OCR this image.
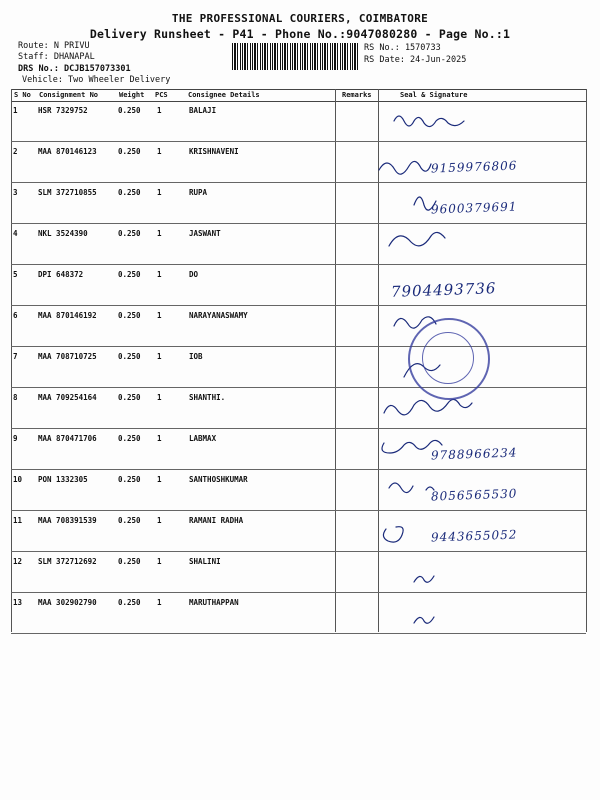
THE PROFESSIONAL COURIERS, COIMBATORE
Delivery Runsheet - P41 - Phone No.:9047080280 - Page No.:1
Route: N PRIVU
Staff: DHANAPAL
DRS No.: DCJB157073301
Vehicle: Two Wheeler Delivery
RS No.: 1570733
RS Date: 24-Jun-2025
S No Consignment No	Weight PCS	Consignee Details	Remarks	Seal & Signature
1	HSR 7329752	0.250 1	BALAJI
2	MAA 870146123	0.250 1	KRISHNAVENI
9159976806
3	SLM 372710855	0.250 1	RUPA
9600379691
4	NKL 3524390	0.250 1	JASWANT
5	DPI 648372	0.250 1	DO
7904493736
6	MAA 870146192	0.250 1	NARAYANASWAMY
7	MAA 708710725	0.250 1	IOB
8	MAA 709254164	0.250 1	SHANTHI.
9	MAA 870471706	0.250 1	LABMAX
9788966234
10 PON 1332305	0.250 1	SANTHOSHKUMAR
8056565530
11 MAA 708391539	0.250 1	RAMANI RADHA
9443655052
12 SLM 372712692	0.250 1	SHALINI
13 MAA 302902790	0.250 1	MARUTHAPPAN
